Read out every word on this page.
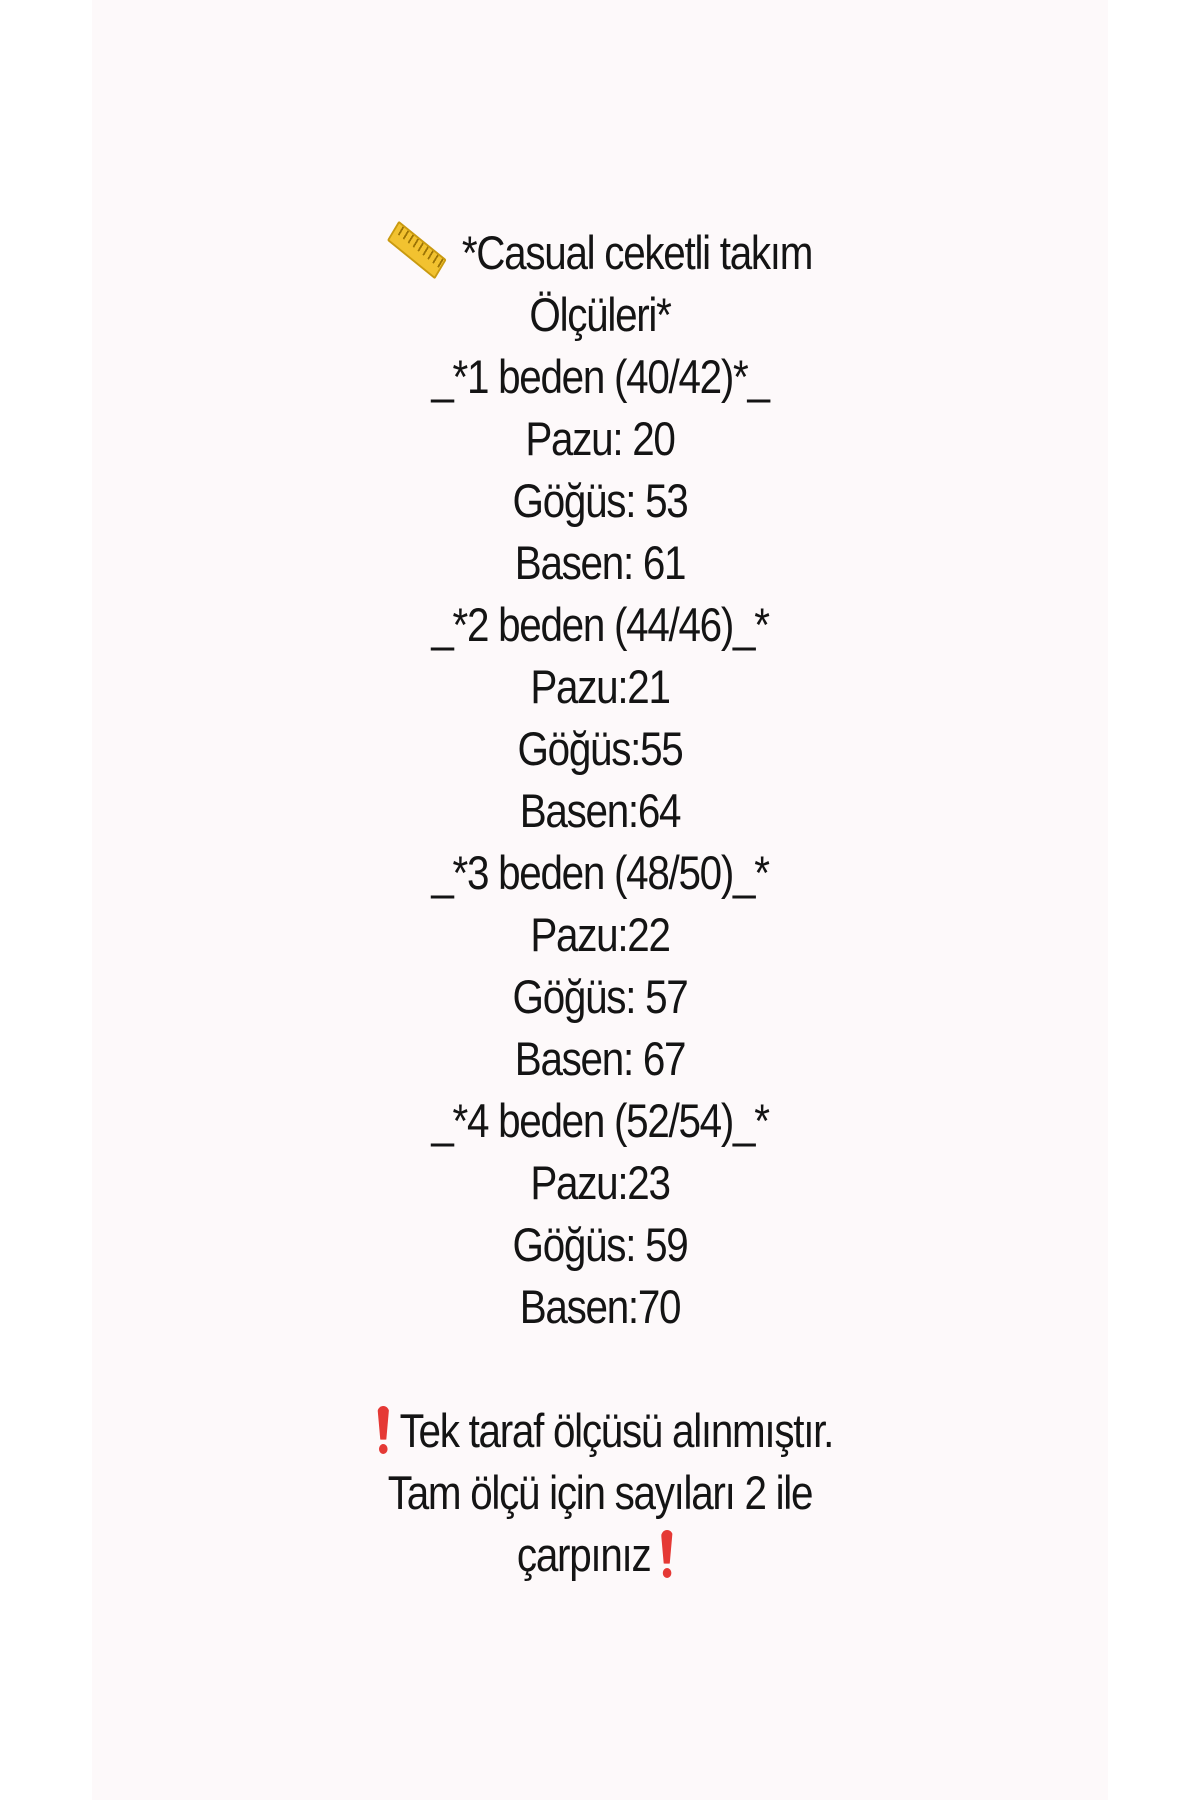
*Casual ceketli takım
Ölçüleri*
_*1 beden (40/42)*_
Pazu: 20
Göğüs: 53
Basen: 61
_*2 beden (44/46)_*
Pazu:21
Göğüs:55
Basen:64
_*3 beden (48/50)_*
Pazu:22
Göğüs: 57
Basen: 67
_*4 beden (52/54)_*
Pazu:23
Göğüs: 59
Basen:70
Tek taraf ölçüsü alınmıştır.
Tam ölçü için sayıları 2 ile
çarpınız
